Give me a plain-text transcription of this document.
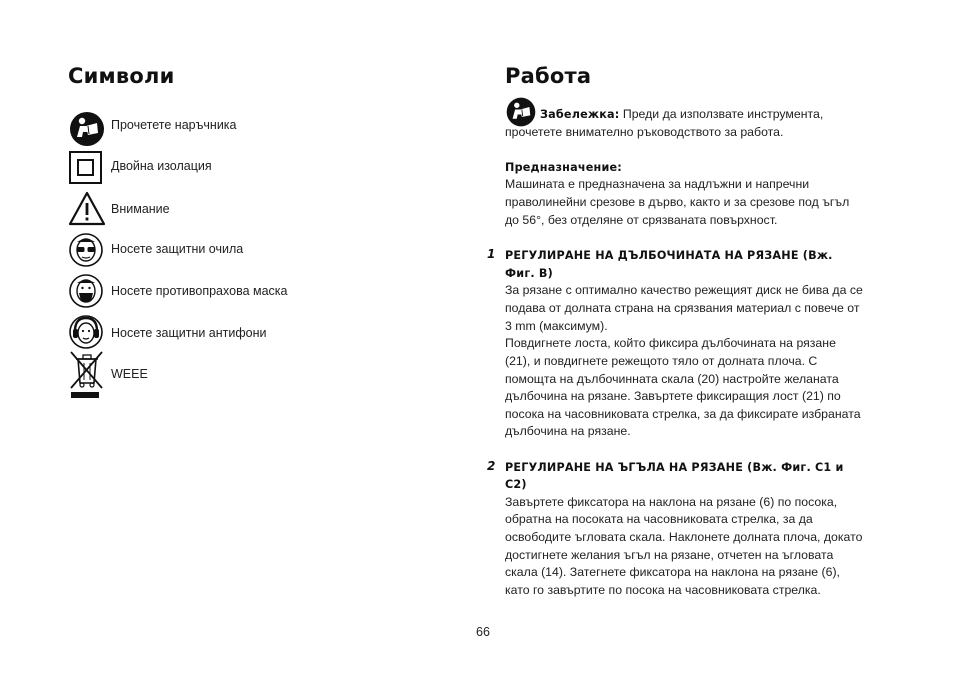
Символи
Прочетете наръчника
Двойна изолация
Внимание
Носете защитни очила
Носете противопрахова маска
Носете защитни антифони
WEEE
Работа
Забележка: Преди да използвате инструмента,
прочетете внимателно ръководството за работа.
Предназначение:
Машината е предназначена за надлъжни и напречни
праволинейни срезове в дърво, както и за срезове под ъгъл
до 56°, без отделяне от срязваната повърхност.
1 РЕГУЛИРАНЕ НА ДЪЛБОЧИНАТА НА РЯЗАНЕ (Вж.
Фиг. B)
За рязане с оптимално качество режещият диск не бива да се
подава от долната страна на срязвания материал с повече от
3 mm (максимум).
Повдигнете лоста, който фиксира дълбочината на рязане
(21), и повдигнете режещото тяло от долната плоча. С
помощта на дълбочинната скала (20) настройте желаната
дълбочина на рязане. Завъртете фиксиращия лост (21) по
посока на часовниковата стрелка, за да фиксирате избраната
дълбочина на рязане.
2 РЕГУЛИРАНЕ НА ЪГЪЛА НА РЯЗАНЕ (Вж. Фиг. C1 и
C2)
Завъртете фиксатора на наклона на рязане (6) по посока,
обратна на посоката на часовниковата стрелка, за да
освободите ъгловата скала. Наклонете долната плоча, докато
достигнете желания ъгъл на рязане, отчетен на ъгловата
скала (14). Затегнете фиксатора на наклона на рязане (6),
като го завъртите по посока на часовниковата стрелка.
66
